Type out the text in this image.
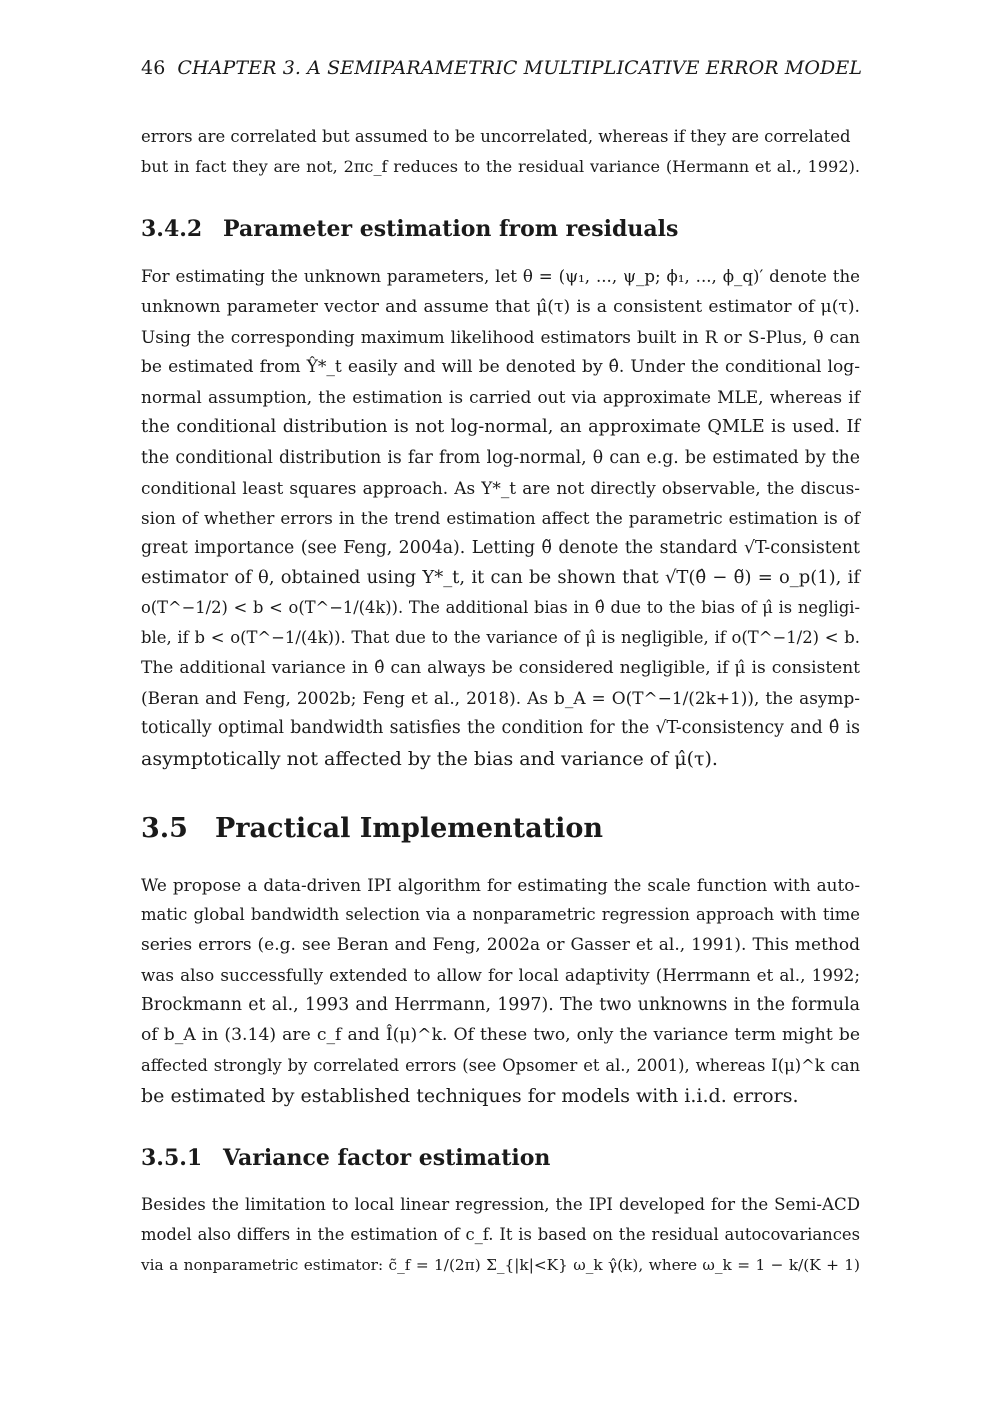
46 CHAPTER 3. A SEMIPARAMETRIC MULTIPLICATIVE ERROR MODEL

errors are correlated but assumed to be uncorrelated, whereas if they are correlated
but in fact they are not, 2πc_f reduces to the residual variance (Hermann et al., 1992).

3.4.2 Parameter estimation from residuals

For estimating the unknown parameters, let θ = (ψ₁, ..., ψ_p; ϕ₁, ..., ϕ_q)′ denote the
unknown parameter vector and assume that μ̂(τ) is a consistent estimator of μ(τ).
Using the corresponding maximum likelihood estimators built in R or S-Plus, θ can
be estimated from Ŷ*_t easily and will be denoted by θ̂. Under the conditional log-
normal assumption, the estimation is carried out via approximate MLE, whereas if
the conditional distribution is not log-normal, an approximate QMLE is used. If
the conditional distribution is far from log-normal, θ can e.g. be estimated by the
conditional least squares approach. As Y*_t are not directly observable, the discus-
sion of whether errors in the trend estimation affect the parametric estimation is of
great importance (see Feng, 2004a). Letting θ̃ denote the standard √T-consistent
estimator of θ, obtained using Y*_t, it can be shown that √T(θ̂ − θ̃) = o_p(1), if
o(T^−1/2) < b < o(T^−1/(4k)). The additional bias in θ̂ due to the bias of μ̂ is negligi-
ble, if b < o(T^−1/(4k)). That due to the variance of μ̂ is negligible, if o(T^−1/2) < b.
The additional variance in θ̂ can always be considered negligible, if μ̂ is consistent
(Beran and Feng, 2002b; Feng et al., 2018). As b_A = O(T^−1/(2k+1)), the asymp-
totically optimal bandwidth satisfies the condition for the √T-consistency and θ̂ is
asymptotically not affected by the bias and variance of μ̂(τ).

3.5 Practical Implementation

We propose a data-driven IPI algorithm for estimating the scale function with auto-
matic global bandwidth selection via a nonparametric regression approach with time
series errors (e.g. see Beran and Feng, 2002a or Gasser et al., 1991). This method
was also successfully extended to allow for local adaptivity (Herrmann et al., 1992;
Brockmann et al., 1993 and Herrmann, 1997). The two unknowns in the formula
of b_A in (3.14) are c_f and Î(μ)^k. Of these two, only the variance term might be
affected strongly by correlated errors (see Opsomer et al., 2001), whereas I(μ)^k can
be estimated by established techniques for models with i.i.d. errors.

3.5.1 Variance factor estimation

Besides the limitation to local linear regression, the IPI developed for the Semi-ACD
model also differs in the estimation of c_f. It is based on the residual autocovariances
via a nonparametric estimator: c̃_f = 1/(2π) Σ_{|k|<K} ω_k γ̂(k), where ω_k = 1 − k/(K + 1)
